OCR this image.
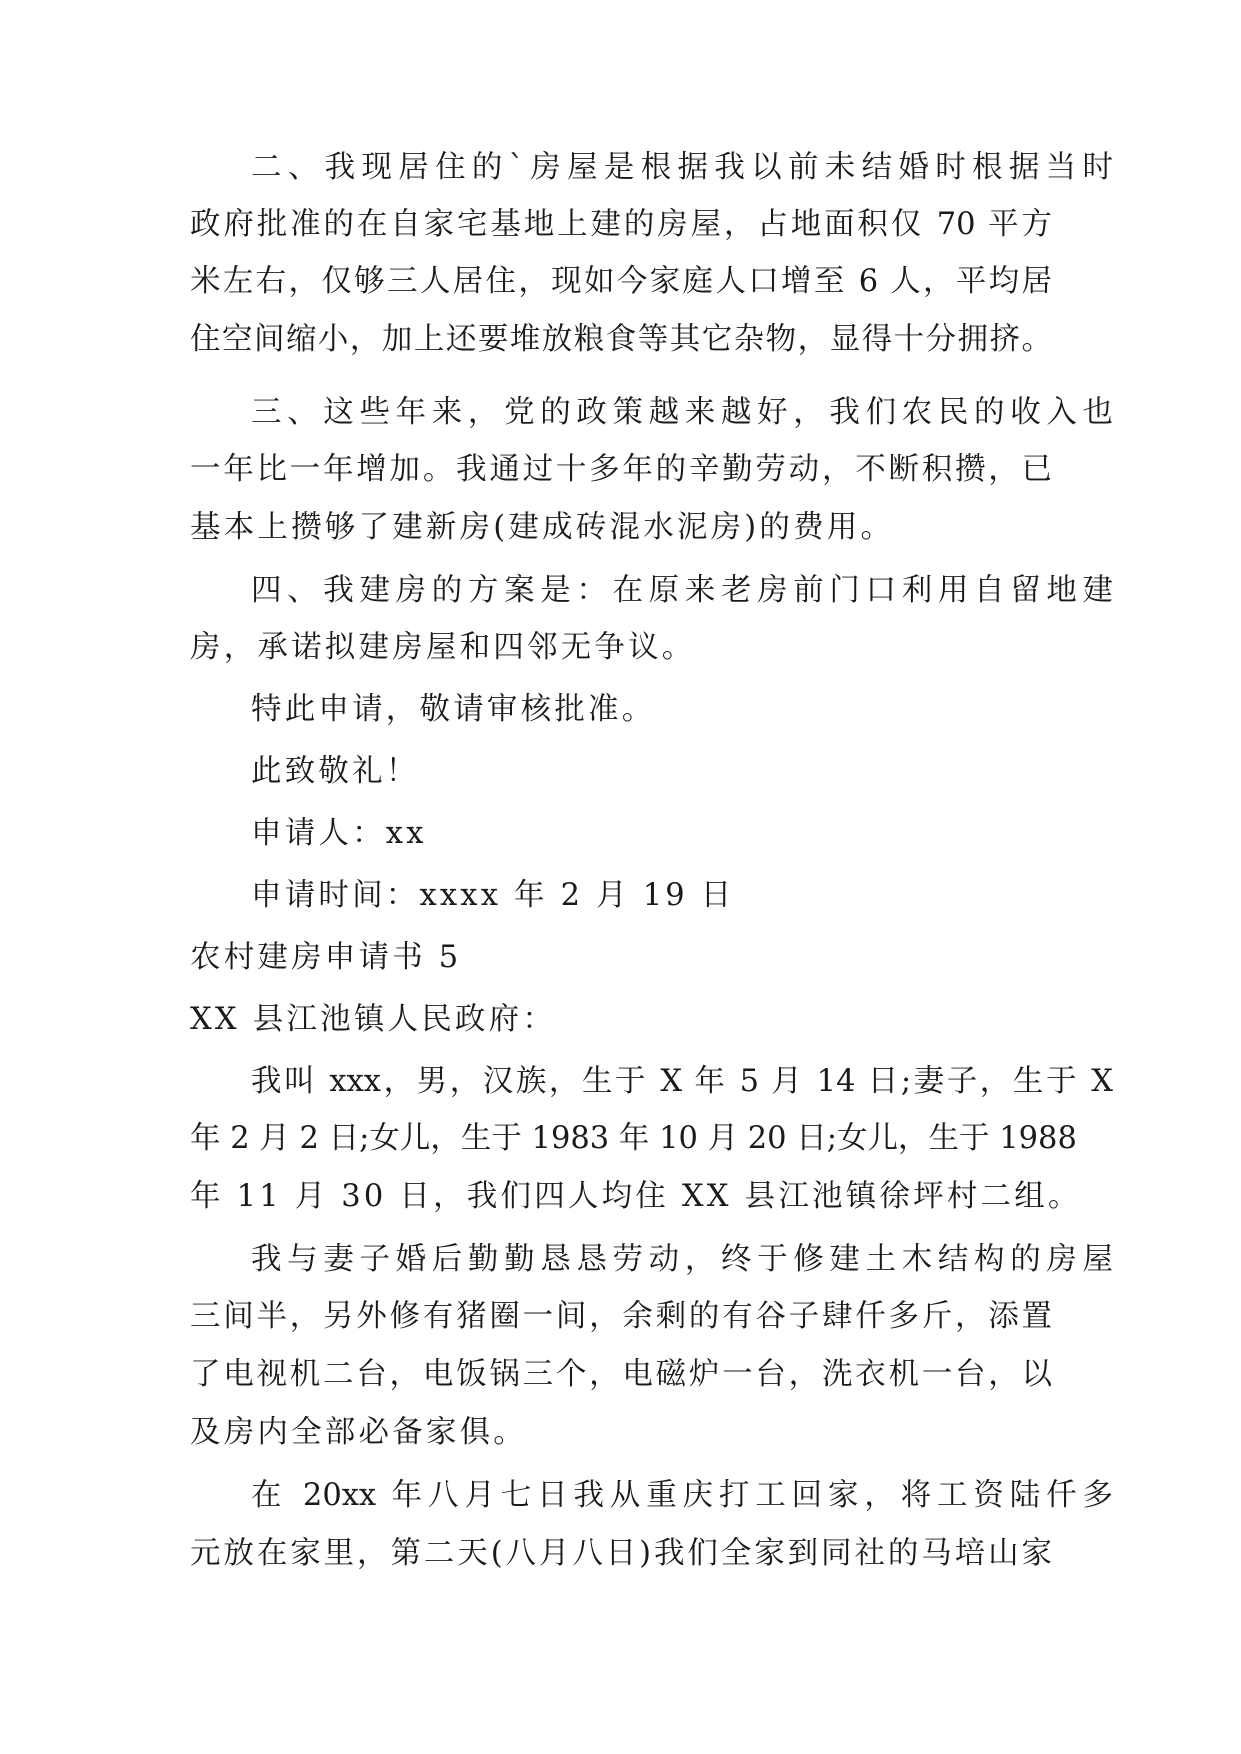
二、我现居住的`房屋是根据我以前未结婚时根据当时
政府批准的在自家宅基地上建的房屋，占地面积仅 70 平方
米左右，仅够三人居住，现如今家庭人口增至 6 人，平均居
住空间缩小，加上还要堆放粮食等其它杂物，显得十分拥挤。
三、这些年来，党的政策越来越好，我们农民的收入也
一年比一年增加。我通过十多年的辛勤劳动，不断积攒，已
基本上攒够了建新房(建成砖混水泥房)的费用。
四、我建房的方案是：在原来老房前门口利用自留地建
房，承诺拟建房屋和四邻无争议。
特此申请，敬请审核批准。
此致敬礼！
申请人：xx
申请时间：xxxx 年 2 月 19 日
农村建房申请书 5
XX 县江池镇人民政府：
我叫 xxx，男，汉族，生于 X 年 5 月 14 日;妻子，生于 X
年 2 月 2 日;女儿，生于 1983 年 10 月 20 日;女儿，生于 1988
年 11 月 30 日，我们四人均住 XX 县江池镇徐坪村二组。
我与妻子婚后勤勤恳恳劳动，终于修建土木结构的房屋
三间半，另外修有猪圈一间，余剩的有谷子肆仟多斤，添置
了电视机二台，电饭锅三个，电磁炉一台，洗衣机一台，以
及房内全部必备家俱。
在 20xx 年八月七日我从重庆打工回家，将工资陆仟多
元放在家里，第二天(八月八日)我们全家到同社的马培山家
